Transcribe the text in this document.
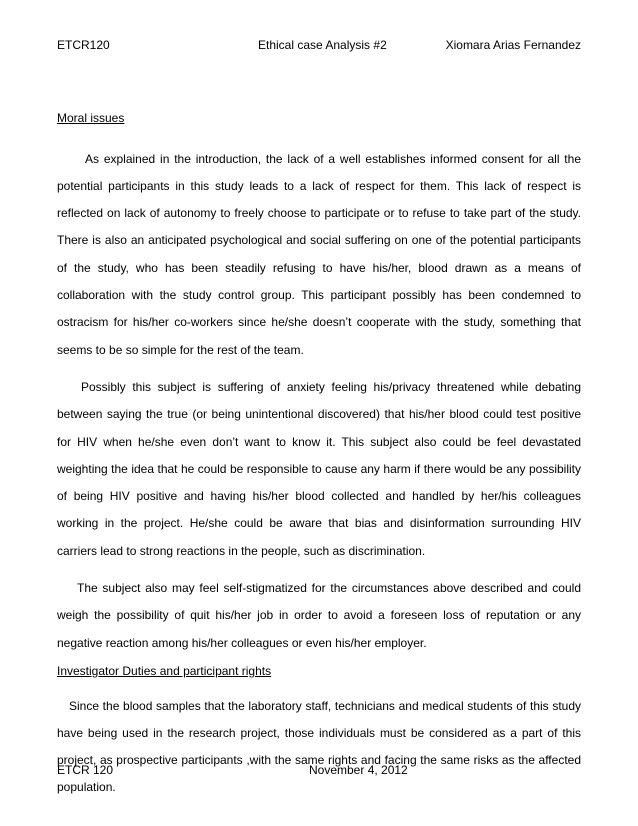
ETCR120	Ethical case Analysis #2	Xiomara Arias Fernandez
Moral issues

As explained in the introduction, the lack of a well establishes informed consent for all the potential participants in this study leads to a lack of respect for them. This lack of respect is reflected on lack of autonomy to freely choose to participate or to refuse to take part of the study. There is also an anticipated psychological and social suffering on one of the potential participants of the study, who has been steadily refusing to have his/her, blood drawn as a means of collaboration with the study control group. This participant possibly has been condemned to ostracism for his/her co-workers since he/she doesn’t cooperate with the study, something that seems to be so simple for the rest of the team.

Possibly this subject is suffering of anxiety feeling his/privacy threatened while debating between saying the true (or being unintentional discovered) that his/her blood could test positive for HIV when he/she even don’t want to know it. This subject also could be feel devastated weighting the idea that he could be responsible to cause any harm if there would be any possibility of being HIV positive and having his/her blood collected and handled by her/his colleagues working in the project. He/she could be aware that bias and disinformation surrounding HIV carriers lead to strong reactions in the people, such as discrimination.

The subject also may feel self-stigmatized for the circumstances above described and could weigh the possibility of quit his/her job in order to avoid a foreseen loss of reputation or any negative reaction among his/her colleagues or even his/her employer.

Investigator Duties and participant rights

Since the blood samples that the laboratory staff, technicians and medical students of this study have being used in the research project, those individuals must be considered as a part of this project, as prospective participants ,with the same rights and facing the same risks as the affected population.

ETCR 120	November 4, 2012
